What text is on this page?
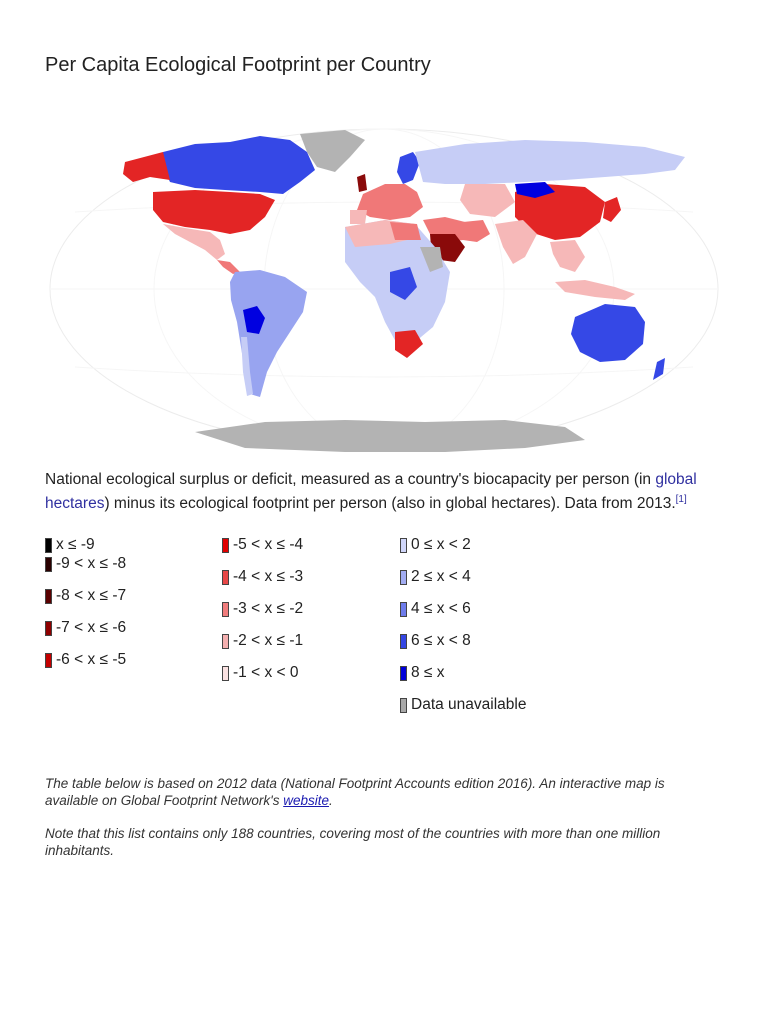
Per Capita Ecological Footprint per Country
National ecological surplus or deficit, measured as a country's biocapacity per person (in global hectares) minus its ecological footprint per person (also in global hectares). Data from 2013.[1]
x ≤ -9
-9 < x ≤ -8
-8 < x ≤ -7
-7 < x ≤ -6
-6 < x ≤ -5
-5 < x ≤ -4
-4 < x ≤ -3
-3 < x ≤ -2
-2 < x ≤ -1
-1 < x < 0
0 ≤ x < 2
2 ≤ x < 4
4 ≤ x < 6
6 ≤ x < 8
8 ≤ x
Data unavailable

The table below is based on 2012 data (National Footprint Accounts edition 2016). An interactive map is available on Global Footprint Network's website.

Note that this list contains only 188 countries, covering most of the countries with more than one million inhabitants.
